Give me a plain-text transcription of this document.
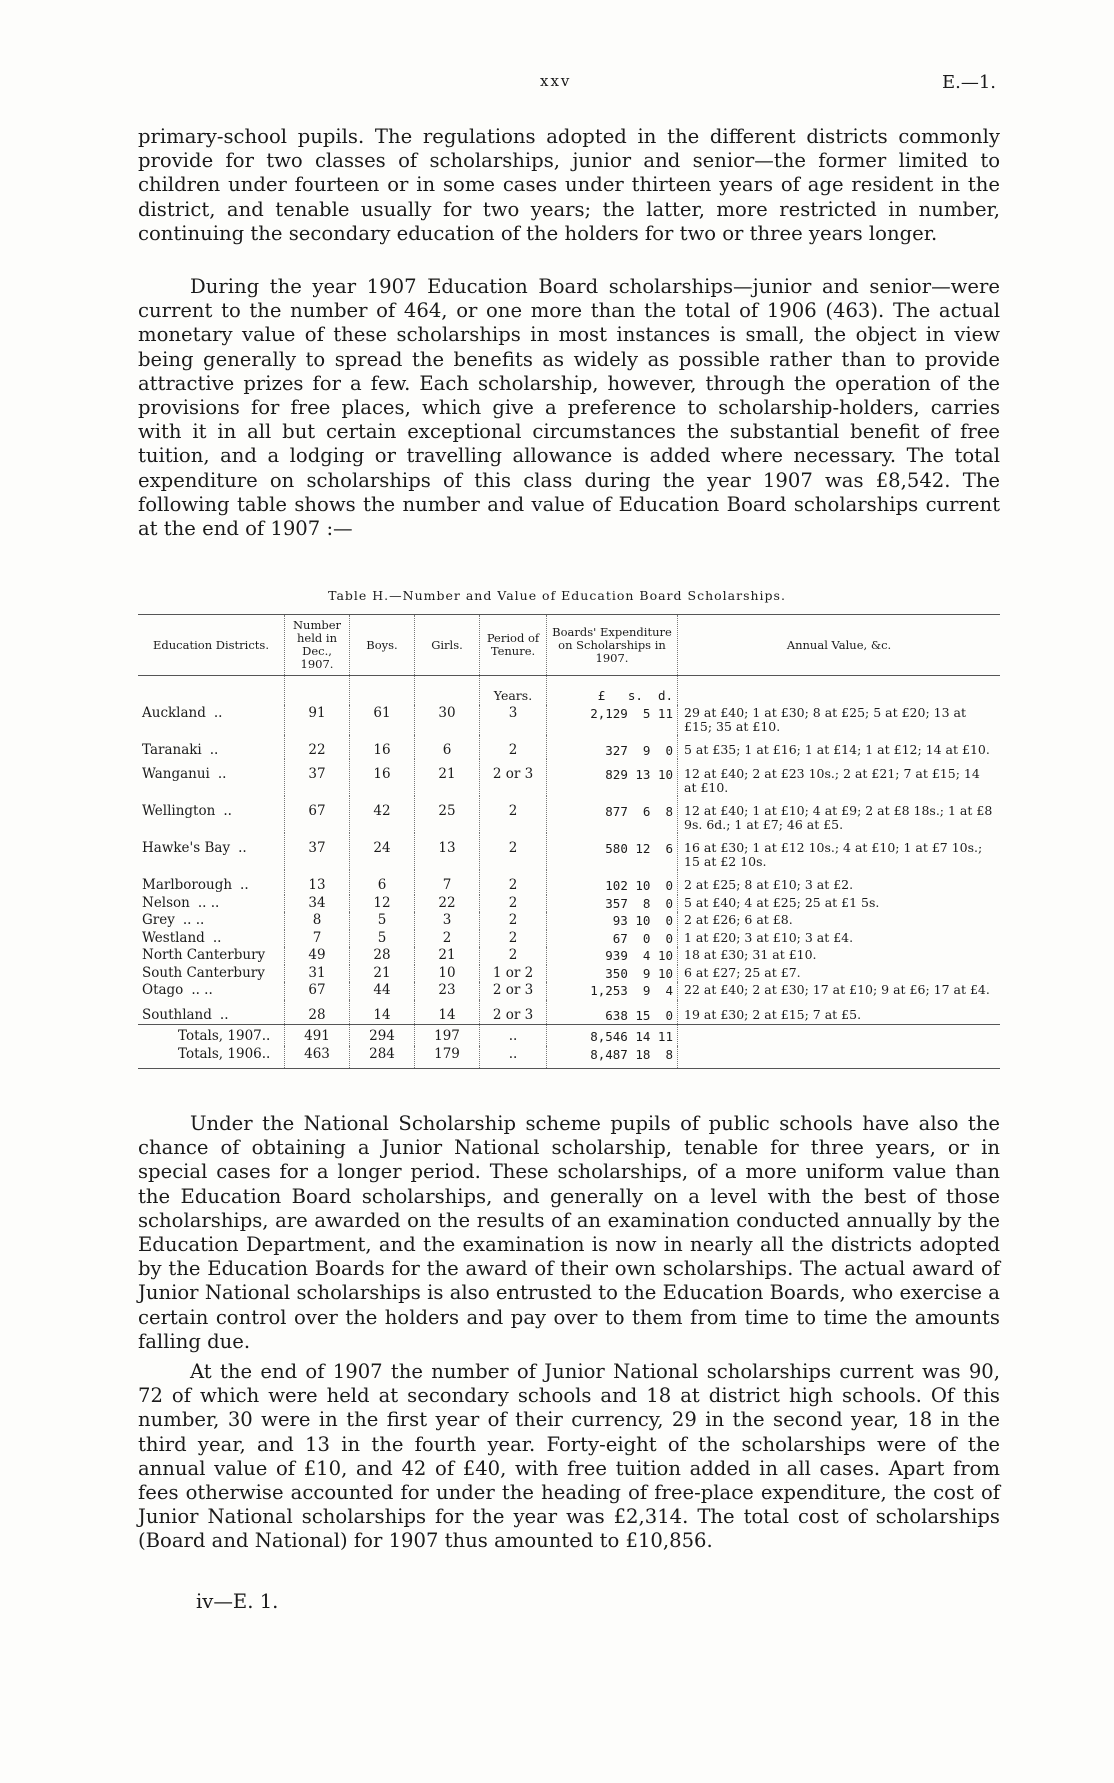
xxv	E.—1.

primary-school pupils. The regulations adopted in the different districts commonly provide for two classes of scholarships, junior and senior—the former limited to children under fourteen or in some cases under thirteen years of age resident in the district, and tenable usually for two years; the latter, more restricted in number, continuing the secondary education of the holders for two or three years longer.

During the year 1907 Education Board scholarships—junior and senior—were current to the number of 464, or one more than the total of 1906 (463). The actual monetary value of these scholarships in most instances is small, the object in view being generally to spread the benefits as widely as possible rather than to provide attractive prizes for a few. Each scholarship, however, through the operation of the provisions for free places, which give a preference to scholarship-holders, carries with it in all but certain exceptional circumstances the substantial benefit of free tuition, and a lodging or travelling allowance is added where necessary. The total expenditure on scholarships of this class during the year 1907 was £8,542. The following table shows the number and value of Education Board scholarships current at the end of 1907 :—

Table H.—Number and Value of Education Board Scholarships.
Education Districts.	Number held in Dec., 1907.	Boys.	Girls.	Period of Tenure.	Boards' Expenditure on Scholarships in 1907.	Annual Value, &c.
				Years.	£   s.  d.	
Auckland ..	91	61	30	3	2,129  5 11	29 at £40; 1 at £30; 8 at £25; 5 at £20; 13 at £15; 35 at £10.
Taranaki ..	22	16	6	2	327  9  0	5 at £35; 1 at £16; 1 at £14; 1 at £12; 14 at £10.
Wanganui ..	37	16	21	2 or 3	829 13 10	12 at £40; 2 at £23 10s.; 2 at £21; 7 at £15; 14 at £10.
Wellington ..	67	42	25	2	877  6  8	12 at £40; 1 at £10; 4 at £9; 2 at £8 18s.; 1 at £8 9s. 6d.; 1 at £7; 46 at £5.
Hawke's Bay ..	37	24	13	2	580 12  6	16 at £30; 1 at £12 10s.; 4 at £10; 1 at £7 10s.; 15 at £2 10s.
Marlborough ..	13	6	7	2	102 10  0	2 at £25; 8 at £10; 3 at £2.
Nelson .. ..	34	12	22	2	357  8  0	5 at £40; 4 at £25; 25 at £1 5s.
Grey .. ..	8	5	3	2	93 10  0	2 at £26; 6 at £8.
Westland ..	7	5	2	2	67  0  0	1 at £20; 3 at £10; 3 at £4.
North Canterbury	49	28	21	2	939  4 10	18 at £30; 31 at £10.
South Canterbury	31	21	10	1 or 2	350  9 10	6 at £27; 25 at £7.
Otago .. ..	67	44	23	2 or 3	1,253  9  4	22 at £40; 2 at £30; 17 at £10; 9 at £6; 17 at £4.
Southland ..	28	14	14	2 or 3	638 15  0	19 at £30; 2 at £15; 7 at £5.
Totals, 1907..	491	294	197	..	8,546 14 11	
Totals, 1906..	463	284	179	..	8,487 18  8	

Under the National Scholarship scheme pupils of public schools have also the chance of obtaining a Junior National scholarship, tenable for three years, or in special cases for a longer period. These scholarships, of a more uniform value than the Education Board scholarships, and generally on a level with the best of those scholarships, are awarded on the results of an examination conducted annually by the Education Department, and the examination is now in nearly all the districts adopted by the Education Boards for the award of their own scholarships. The actual award of Junior National scholarships is also entrusted to the Education Boards, who exercise a certain control over the holders and pay over to them from time to time the amounts falling due.

At the end of 1907 the number of Junior National scholarships current was 90, 72 of which were held at secondary schools and 18 at district high schools. Of this number, 30 were in the first year of their currency, 29 in the second year, 18 in the third year, and 13 in the fourth year. Forty-eight of the scholarships were of the annual value of £10, and 42 of £40, with free tuition added in all cases. Apart from fees otherwise accounted for under the heading of free-place expenditure, the cost of Junior National scholarships for the year was £2,314. The total cost of scholarships (Board and National) for 1907 thus amounted to £10,856.

iv—E. 1.
